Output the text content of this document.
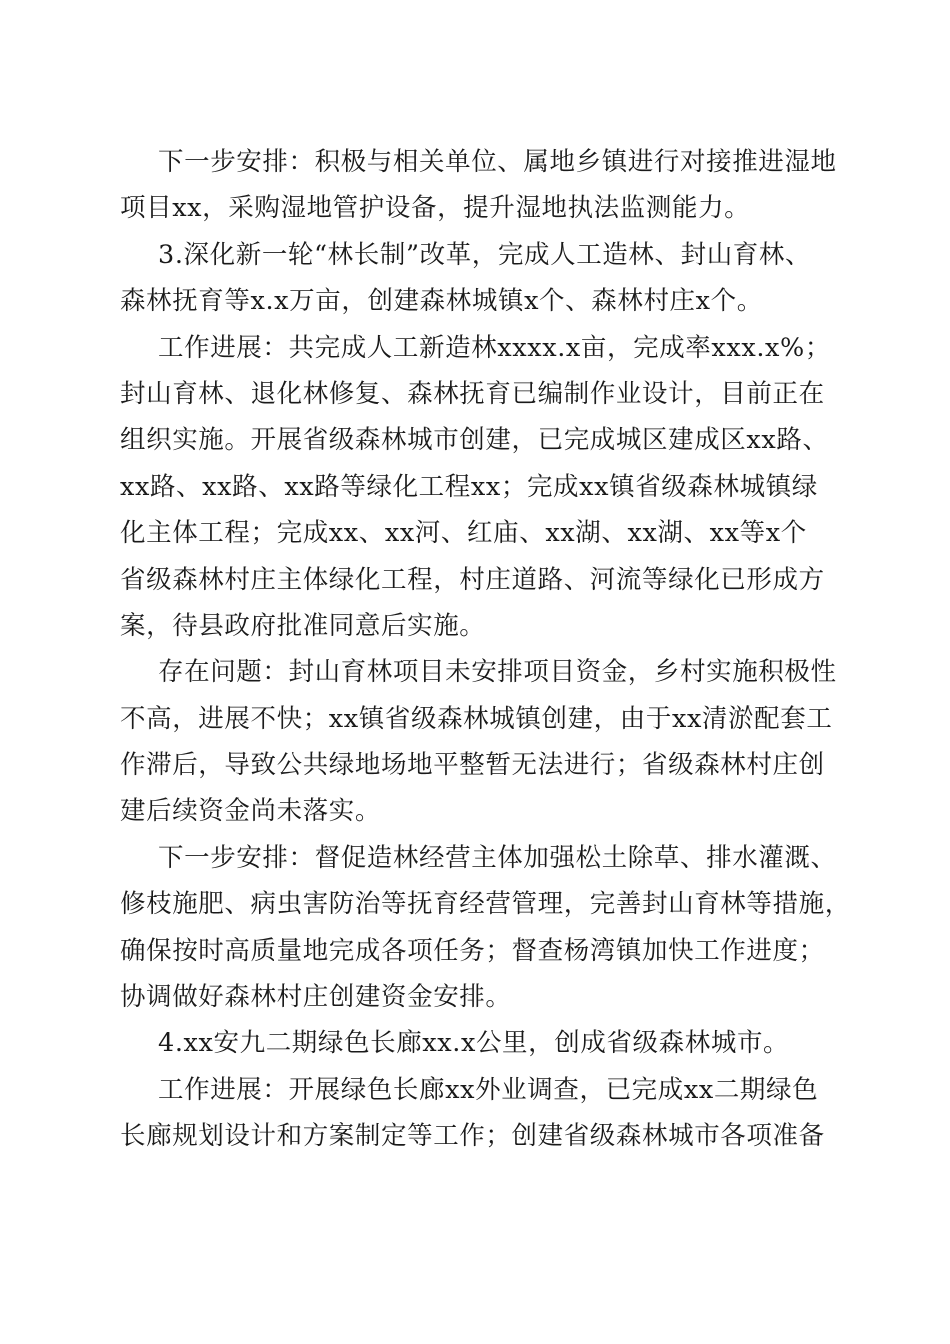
下一步安排：积极与相关单位、属地乡镇进行对接推进湿地
项目xx，采购湿地管护设备，提升湿地执法监测能力。

3.深化新一轮“林长制”改革，完成人工造林、封山育林、
森林抚育等x.x万亩，创建森林城镇x个、森林村庄x个。

工作进展：共完成人工新造林xxxx.x亩，完成率xxx.x%；
封山育林、退化林修复、森林抚育已编制作业设计，目前正在
组织实施。开展省级森林城市创建，已完成城区建成区xx路、
xx路、xx路、xx路等绿化工程xx；完成xx镇省级森林城镇绿
化主体工程；完成xx、xx河、红庙、xx湖、xx湖、xx等x个
省级森林村庄主体绿化工程，村庄道路、河流等绿化已形成方
案，待县政府批准同意后实施。

存在问题：封山育林项目未安排项目资金，乡村实施积极性
不高，进展不快；xx镇省级森林城镇创建，由于xx清淤配套工
作滞后，导致公共绿地场地平整暂无法进行；省级森林村庄创
建后续资金尚未落实。

下一步安排：督促造林经营主体加强松土除草、排水灌溉、
修枝施肥、病虫害防治等抚育经营管理，完善封山育林等措施，
确保按时高质量地完成各项任务；督查杨湾镇加快工作进度；
协调做好森林村庄创建资金安排。

4.xx安九二期绿色长廊xx.x公里，创成省级森林城市。

工作进展：开展绿色长廊xx外业调查，已完成xx二期绿色
长廊规划设计和方案制定等工作；创建省级森林城市各项准备
